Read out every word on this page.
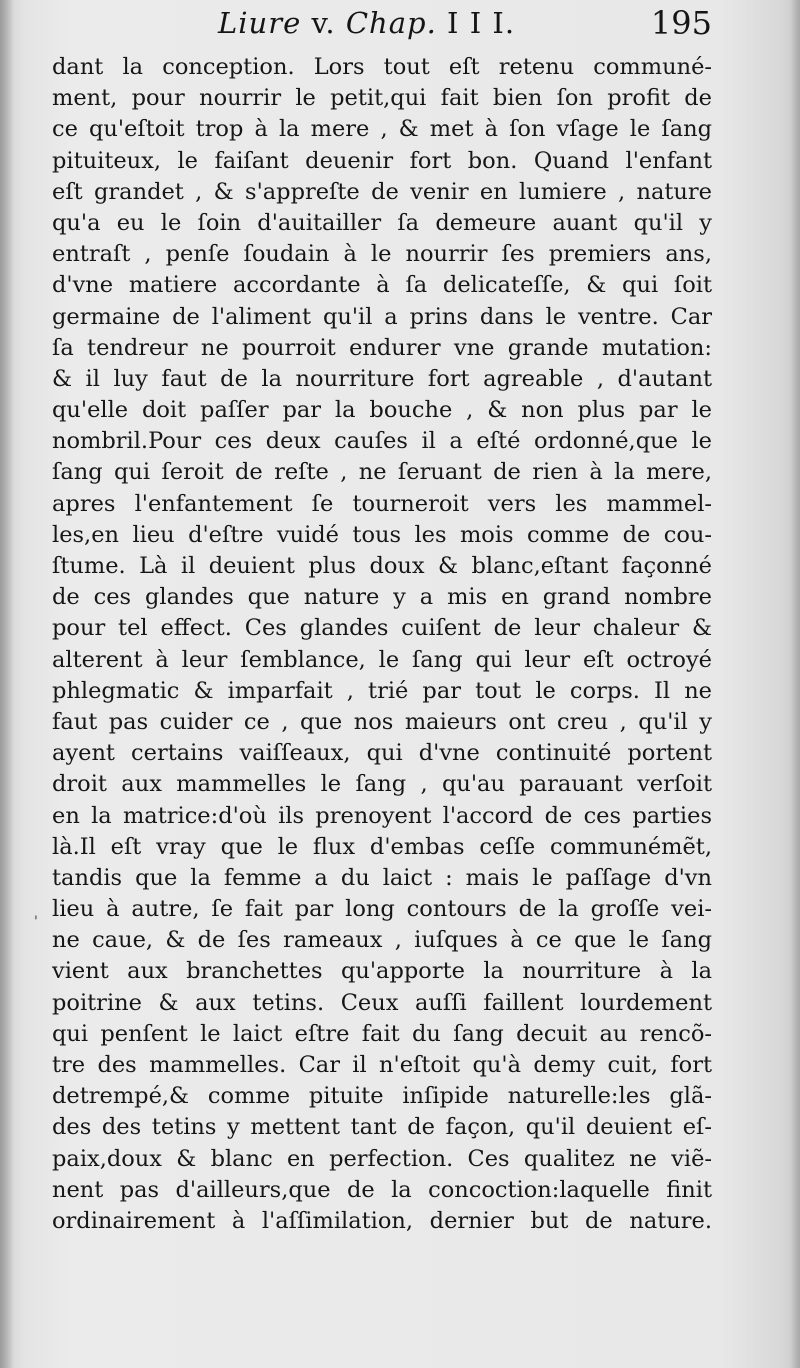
Liure v. Chap. I I I.	195
'
dant la conception. Lors tout eſt retenu communé-
ment, pour nourrir le petit,qui fait bien ſon profit de
ce qu'eſtoit trop à la mere , & met à ſon vſage le ſang
pituiteux, le faiſant deuenir fort bon. Quand l'enfant
eſt grandet , & s'appreſte de venir en lumiere , nature
qu'a eu le ſoin d'auitailler ſa demeure auant qu'il y
entraſt , penſe ſoudain à le nourrir ſes premiers ans,
d'vne matiere accordante à ſa delicateſſe, & qui ſoit
germaine de l'aliment qu'il a prins dans le ventre. Car
ſa tendreur ne pourroit endurer vne grande mutation:
& il luy faut de la nourriture fort agreable , d'autant
qu'elle doit paſſer par la bouche , & non plus par le
nombril.Pour ces deux cauſes il a eſté ordonné,que le
ſang qui ſeroit de reſte , ne ſeruant de rien à la mere,
apres l'enfantement ſe tourneroit vers les mammel-
les,en lieu d'eſtre vuidé tous les mois comme de cou-
ſtume. Là il deuient plus doux & blanc,eſtant façonné
de ces glandes que nature y a mis en grand nombre
pour tel effect. Ces glandes cuiſent de leur chaleur &
alterent à leur ſemblance, le ſang qui leur eſt octroyé
phlegmatic & imparfait , trié par tout le corps. Il ne
faut pas cuider ce , que nos maieurs ont creu , qu'il y
ayent certains vaiſſeaux, qui d'vne continuité portent
droit aux mammelles le ſang , qu'au parauant verſoit
en la matrice:d'où ils prenoyent l'accord de ces parties
là.Il eſt vray que le flux d'embas ceſſe communémẽt,
tandis que la femme a du laict : mais le paſſage d'vn
lieu à autre, ſe fait par long contours de la groſſe vei-
ne caue, & de ſes rameaux , iuſques à ce que le ſang
vient aux branchettes qu'apporte la nourriture à la
poitrine & aux tetins. Ceux auſſi faillent lourdement
qui penſent le laict eſtre fait du ſang decuit au rencõ-
tre des mammelles. Car il n'eſtoit qu'à demy cuit, fort
detrempé,& comme pituite inſipide naturelle:les glã-
des des tetins y mettent tant de façon, qu'il deuient eſ-
paix,doux & blanc en perfection. Ces qualitez ne viẽ-
nent pas d'ailleurs,que de la concoction:laquelle finit
ordinairement à l'aſſimilation, dernier but de nature.
